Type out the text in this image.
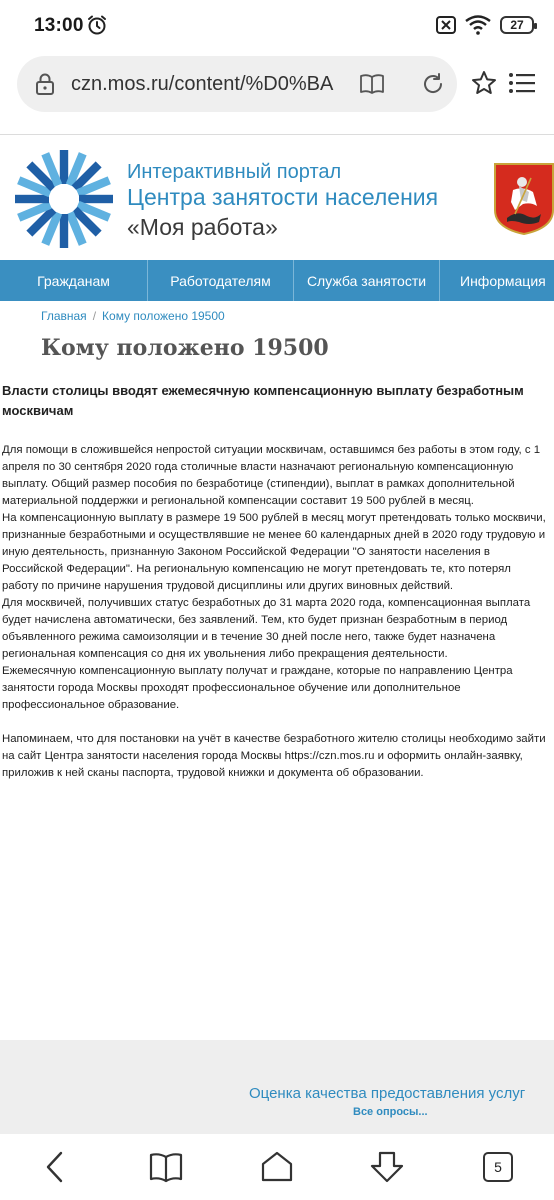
13:00	27
czn.mos.ru/content/%D0%BA
Интерактивный портал
Центра занятости населения
«Моя работа»
Гражданам	Работодателям	Служба занятости	Информация
Главная / Кому положено 19500
Кому положено 19500
Власти столицы вводят ежемесячную компенсационную выплату безработным москвичам

Для помощи в сложившейся непростой ситуации москвичам, оставшимся без работы в этом году, с 1 апреля по 30 сентября 2020 года столичные власти назначают региональную компенсационную выплату. Общий размер пособия по безработице (стипендии), выплат в рамках дополнительной материальной поддержки и региональной компенсации составит 19 500 рублей в месяц.

На компенсационную выплату в размере 19 500 рублей в месяц могут претендовать только москвичи, признанные безработными и осуществлявшие не менее 60 календарных дней в 2020 году трудовую и иную деятельность, признанную Законом Российской Федерации "О занятости населения в Российской Федерации". На региональную компенсацию не могут претендовать те, кто потерял работу по причине нарушения трудовой дисциплины или других виновных действий.

Для москвичей, получивших статус безработных до 31 марта 2020 года, компенсационная выплата будет начислена автоматически, без заявлений. Тем, кто будет признан безработным в период объявленного режима самоизоляции и в течение 30 дней после него, также будет назначена региональная компенсация со дня их увольнения либо прекращения деятельности.

Ежемесячную компенсационную выплату получат и граждане, которые по направлению Центра занятости города Москвы проходят профессиональное обучение или дополнительное профессиональное образование.

Напоминаем, что для постановки на учёт в качестве безработного жителю столицы необходимо зайти на сайт Центра занятости населения города Москвы https://czn.mos.ru и оформить онлайн-заявку, приложив к ней сканы паспорта, трудовой книжки и документа об образовании.

Оценка качества предоставления услуг
Все опросы...
5
